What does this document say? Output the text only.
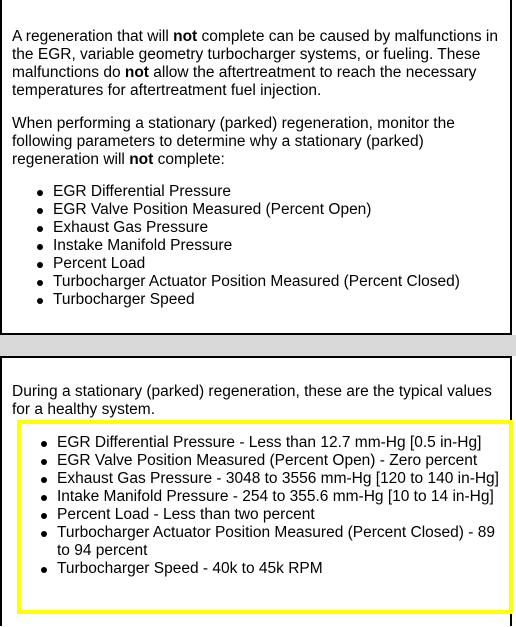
A regeneration that will not complete can be caused by malfunctions in the EGR, variable geometry turbocharger systems, or fueling. These malfunctions do not allow the aftertreatment to reach the necessary temperatures for aftertreatment fuel injection.

When performing a stationary (parked) regeneration, monitor the following parameters to determine why a stationary (parked) regeneration will not complete:

EGR Differential Pressure
EGR Valve Position Measured (Percent Open)
Exhaust Gas Pressure
Instake Manifold Pressure
Percent Load
Turbocharger Actuator Position Measured (Percent Closed)
Turbocharger Speed

During a stationary (parked) regeneration, these are the typical values for a healthy system.

EGR Differential Pressure - Less than 12.7 mm-Hg [0.5 in-Hg]
EGR Valve Position Measured (Percent Open) - Zero percent
Exhaust Gas Pressure - 3048 to 3556 mm-Hg [120 to 140 in-Hg]
Intake Manifold Pressure - 254 to 355.6 mm-Hg [10 to 14 in-Hg]
Percent Load - Less than two percent
Turbocharger Actuator Position Measured (Percent Closed) - 89 to 94 percent
Turbocharger Speed - 40k to 45k RPM
